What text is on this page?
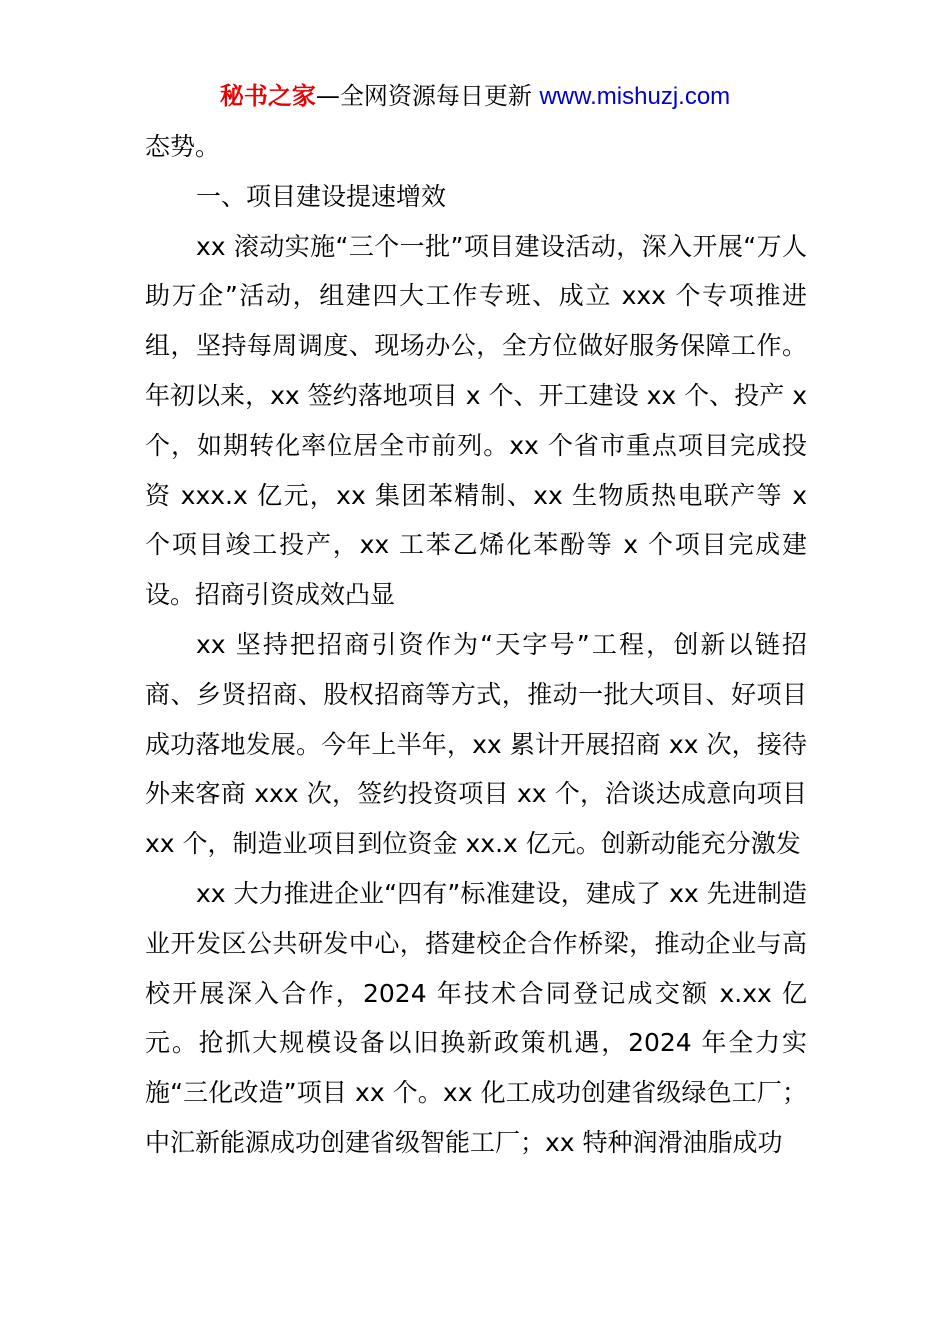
秘书之家—全网资源每日更新 www.mishuzj.com

态势。

一、项目建设提速增效

xx 滚动实施“三个一批”项目建设活动，深入开展“万人助万企”活动，组建四大工作专班、成立 xxx 个专项推进组，坚持每周调度、现场办公，全方位做好服务保障工作。年初以来，xx 签约落地项目 x 个、开工建设 xx 个、投产 x 个，如期转化率位居全市前列。xx 个省市重点项目完成投资 xxx.x 亿元，xx 集团苯精制、xx 生物质热电联产等 x 个项目竣工投产，xx 工苯乙烯化苯酚等 x 个项目完成建设。招商引资成效凸显

xx 坚持把招商引资作为“天字号”工程，创新以链招商、乡贤招商、股权招商等方式，推动一批大项目、好项目成功落地发展。今年上半年，xx 累计开展招商 xx 次，接待外来客商 xxx 次，签约投资项目 xx 个，洽谈达成意向项目 xx 个，制造业项目到位资金 xx.x 亿元。创新动能充分激发

xx 大力推进企业“四有”标准建设，建成了 xx 先进制造业开发区公共研发中心，搭建校企合作桥梁，推动企业与高校开展深入合作，2024 年技术合同登记成交额 x.xx 亿元。抢抓大规模设备以旧换新政策机遇，2024 年全力实施“三化改造”项目 xx 个。xx 化工成功创建省级绿色工厂；中汇新能源成功创建省级智能工厂；xx 特种润滑油脂成功
